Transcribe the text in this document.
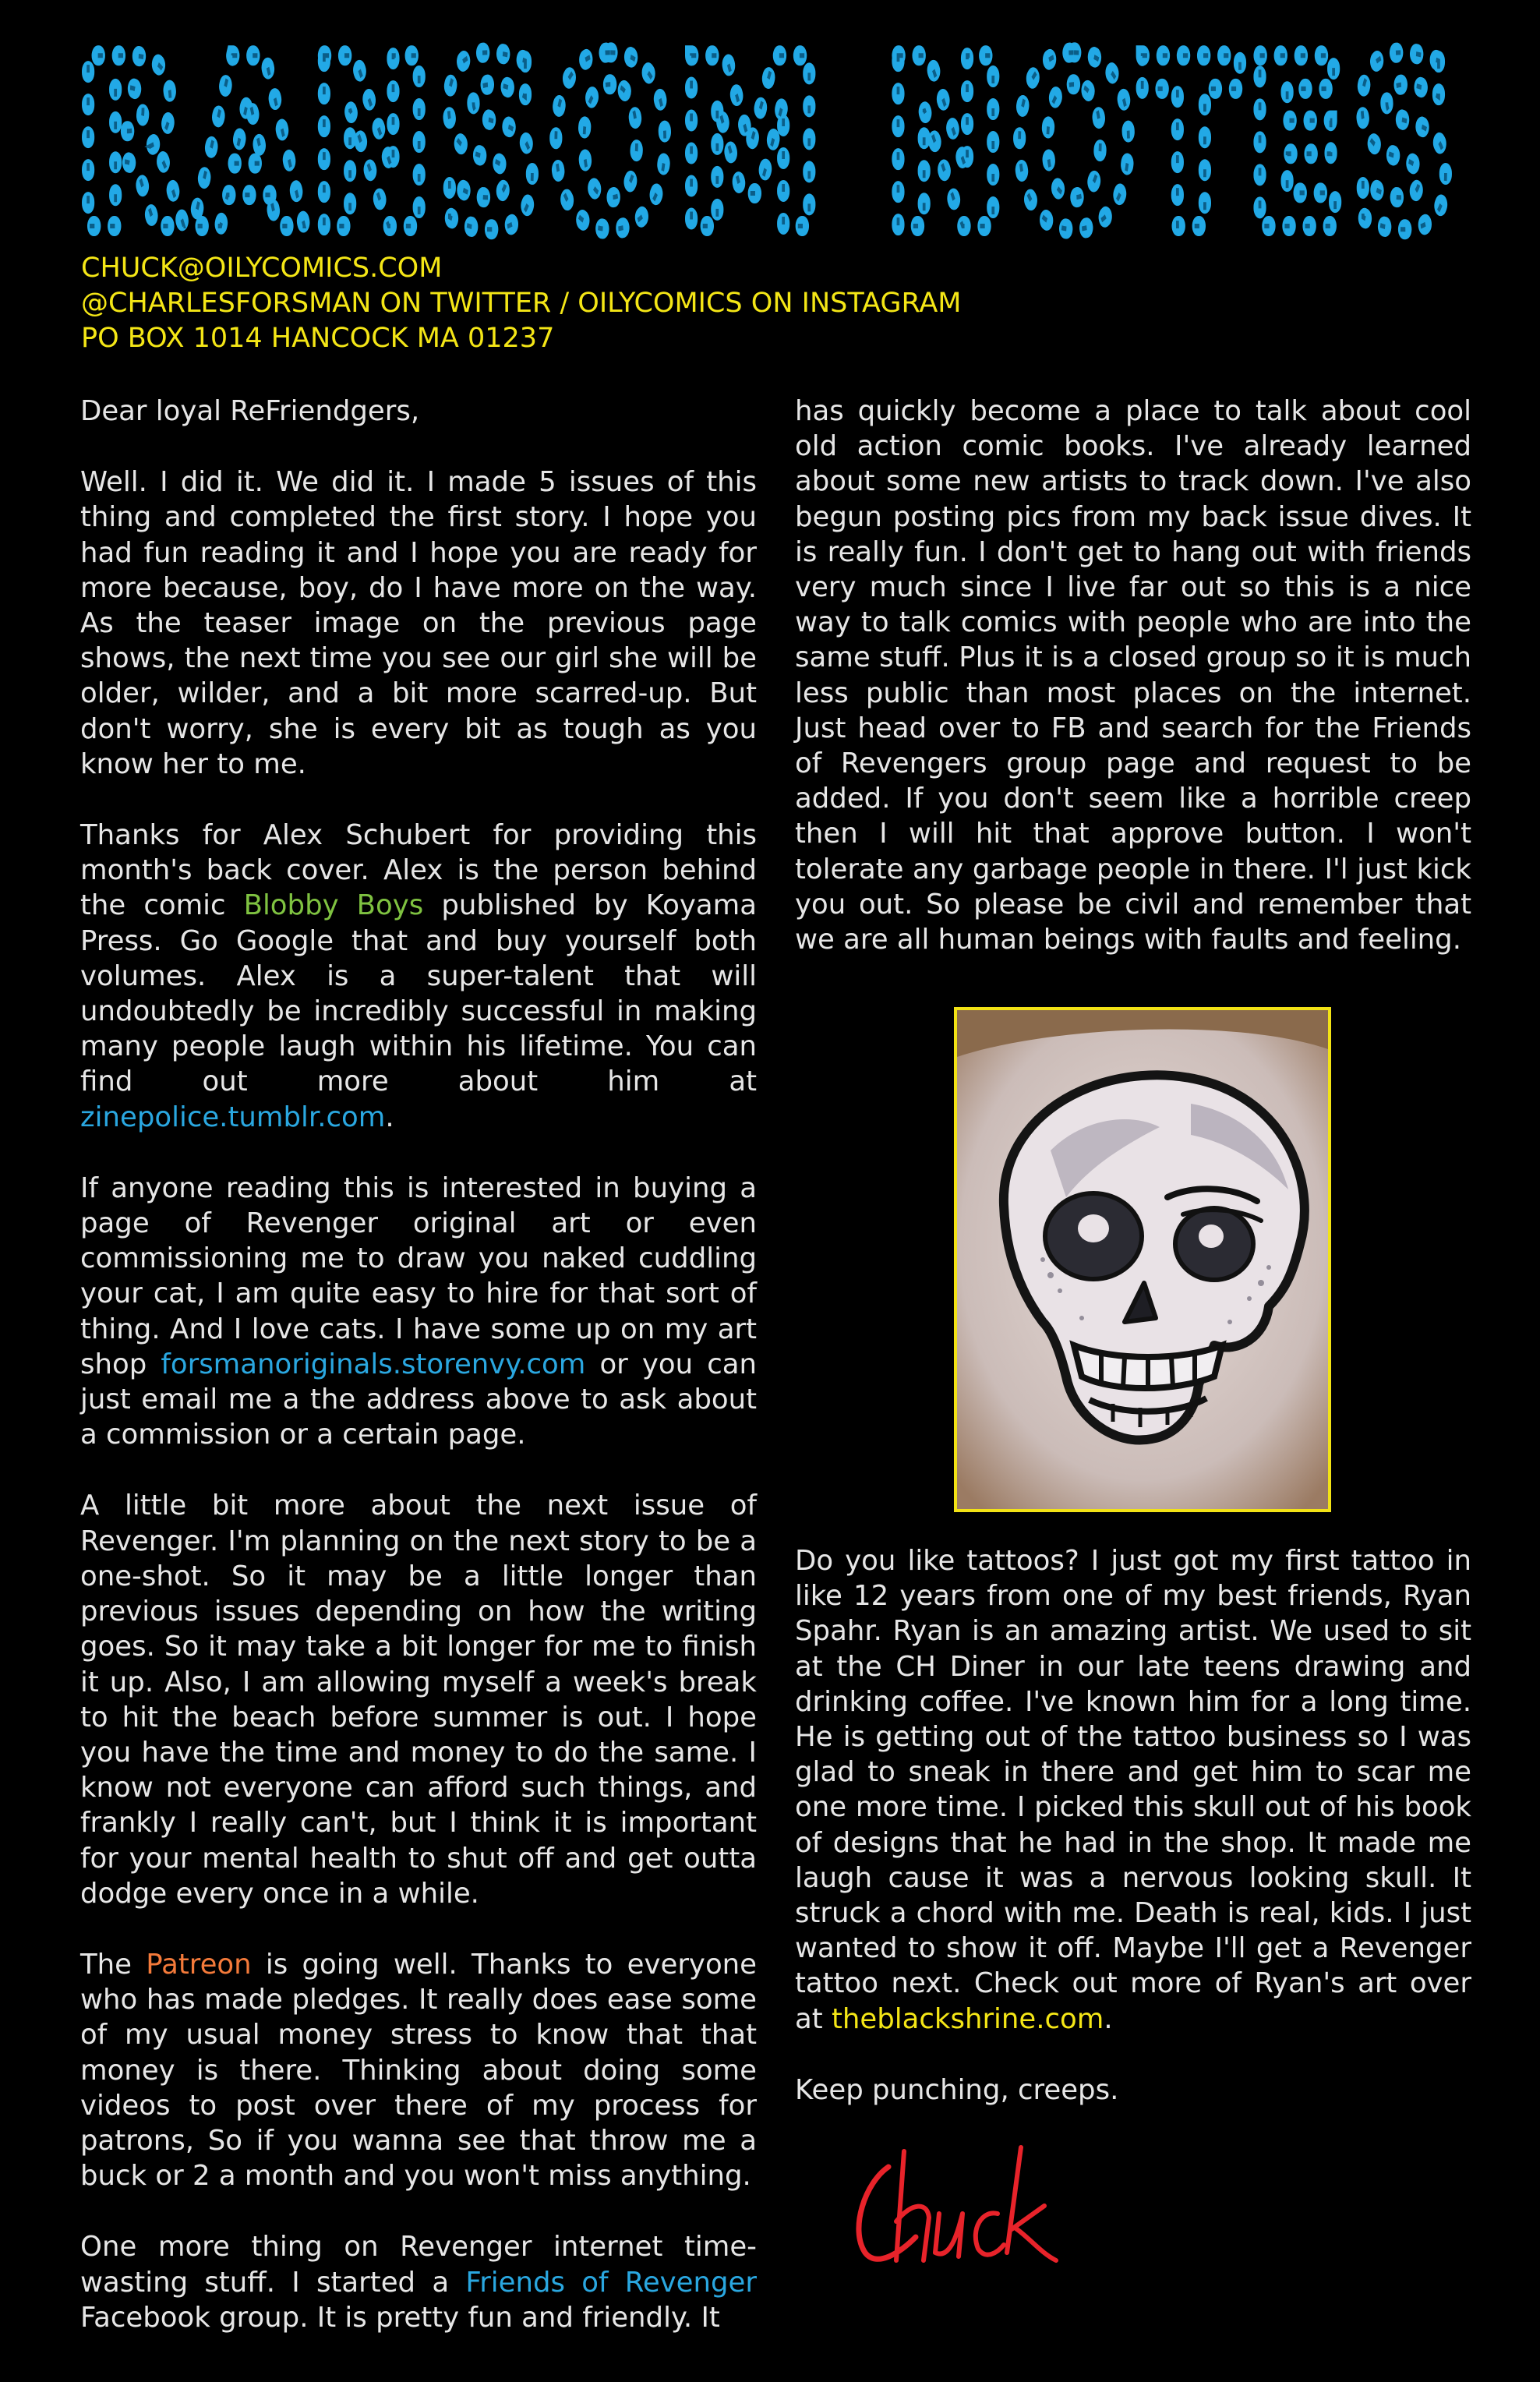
RANSOM NOTES
RANSOM NOTES
CHUCK@OILYCOMICS.COM
@CHARLESFORSMAN ON TWITTER / OILYCOMICS ON INSTAGRAM
PO BOX 1014 HANCOCK MA 01237

Dear loyal ReFriendgers,

Well. I did it. We did it. I made 5 issues of this thing and completed the first story. I hope you had fun reading it and I hope you are ready for more because, boy, do I have more on the way. As the teaser image on the previous page shows, the next time you see our girl she will be older, wilder, and a bit more scarred-up. But don't worry, she is every bit as tough as you know her to me.

Thanks for Alex Schubert for providing this month's back cover. Alex is the person behind the comic Blobby Boys published by Koyama Press. Go Google that and buy yourself both volumes. Alex is a super-talent that will undoubtedly be incredibly successful in making many people laugh within his lifetime. You can find out more about him at zinepolice.tumblr.com.

If anyone reading this is interested in buying a page of Revenger original art or even commissioning me to draw you naked cuddling your cat, I am quite easy to hire for that sort of thing. And I love cats. I have some up on my art shop forsmanoriginals.storenvy.com or you can just email me a the address above to ask about a commission or a certain page.

A little bit more about the next issue of Revenger. I'm planning on the next story to be a one-shot. So it may be a little longer than previous issues depending on how the writing goes. So it may take a bit longer for me to finish it up. Also, I am allowing myself a week's break to hit the beach before summer is out. I hope you have the time and money to do the same. I know not everyone can afford such things, and frankly I really can't, but I think it is important for your mental health to shut off and get outta dodge every once in a while.

The Patreon is going well. Thanks to everyone who has made pledges. It really does ease some of my usual money stress to know that that money is there. Thinking about doing some videos to post over there of my process for patrons, So if you wanna see that throw me a buck or 2 a month and you won't miss anything.

One more thing on Revenger internet time-wasting stuff. I started a Friends of Revenger Facebook group. It is pretty fun and friendly. It

has quickly become a place to talk about cool old action comic books. I've already learned about some new artists to track down. I've also begun posting pics from my back issue dives. It is really fun. I don't get to hang out with friends very much since I live far out so this is a nice way to talk comics with people who are into the same stuff. Plus it is a closed group so it is much less public than most places on the internet. Just head over to FB and search for the Friends of Revengers group page and request to be added. If you don't seem like a horrible creep then I will hit that approve button. I won't tolerate any garbage people in there. I'l just kick you out. So please be civil and remember that we are all human beings with faults and feeling.

Do you like tattoos? I just got my first tattoo in like 12 years from one of my best friends, Ryan Spahr. Ryan is an amazing artist. We used to sit at the CH Diner in our late teens drawing and drinking coffee. I've known him for a long time. He is getting out of the tattoo business so I was glad to sneak in there and get him to scar me one more time. I picked this skull out of his book of designs that he had in the shop. It made me laugh cause it was a nervous looking skull. It struck a chord with me. Death is real, kids. I just wanted to show it off. Maybe I'll get a Revenger tattoo next. Check out more of Ryan's art over at theblackshrine.com.

Keep punching, creeps.
